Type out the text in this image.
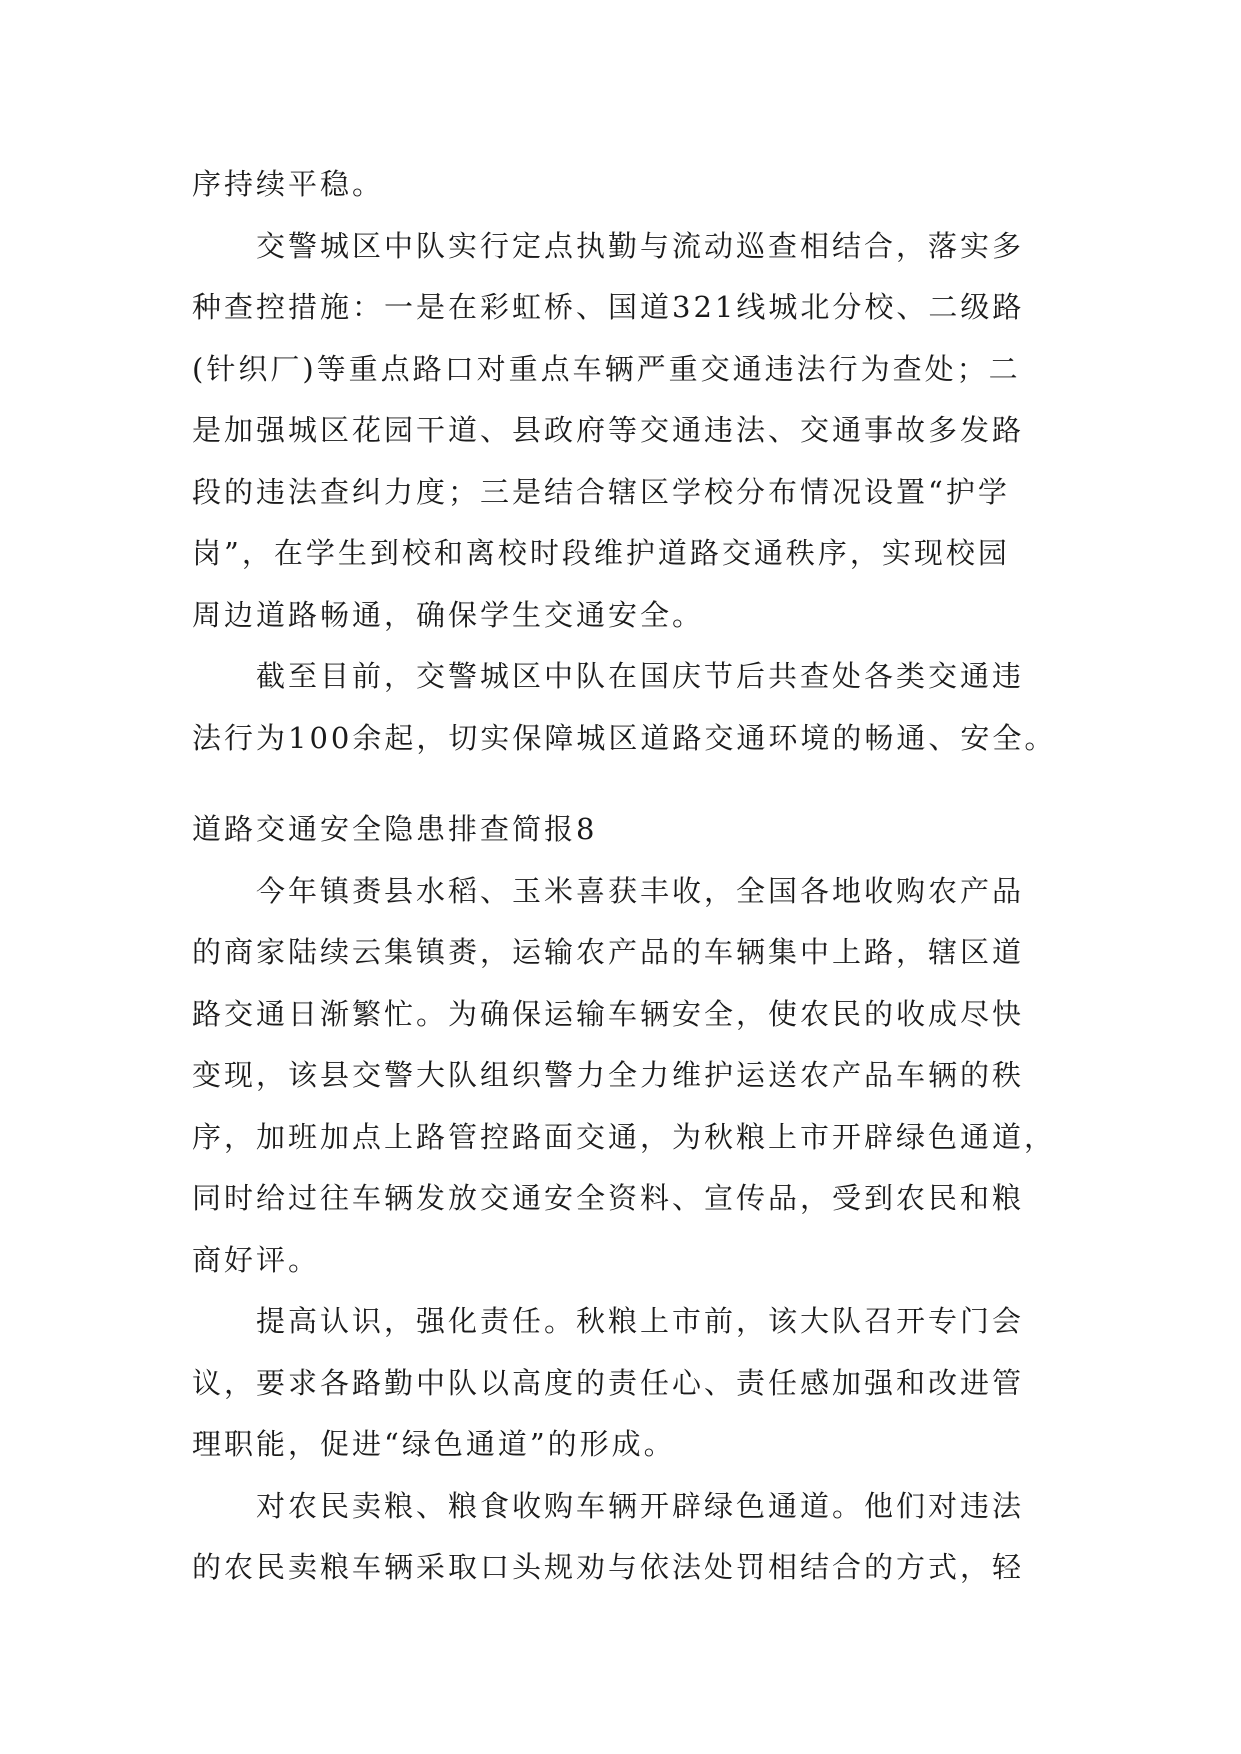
序持续平稳。
交警城区中队实行定点执勤与流动巡查相结合，落实多
种查控措施：一是在彩虹桥、国道321线城北分校、二级路
(针织厂)等重点路口对重点车辆严重交通违法行为查处；二
是加强城区花园干道、县政府等交通违法、交通事故多发路
段的违法查纠力度；三是结合辖区学校分布情况设置“护学
岗”，在学生到校和离校时段维护道路交通秩序，实现校园
周边道路畅通，确保学生交通安全。
截至目前，交警城区中队在国庆节后共查处各类交通违
法行为100余起，切实保障城区道路交通环境的畅通、安全。
道路交通安全隐患排查简报8
今年镇赉县水稻、玉米喜获丰收，全国各地收购农产品
的商家陆续云集镇赉，运输农产品的车辆集中上路，辖区道
路交通日渐繁忙。为确保运输车辆安全，使农民的收成尽快
变现，该县交警大队组织警力全力维护运送农产品车辆的秩
序，加班加点上路管控路面交通，为秋粮上市开辟绿色通道，
同时给过往车辆发放交通安全资料、宣传品，受到农民和粮
商好评。
提高认识，强化责任。秋粮上市前，该大队召开专门会
议，要求各路勤中队以高度的责任心、责任感加强和改进管
理职能，促进“绿色通道”的形成。
对农民卖粮、粮食收购车辆开辟绿色通道。他们对违法
的农民卖粮车辆采取口头规劝与依法处罚相结合的方式，轻
